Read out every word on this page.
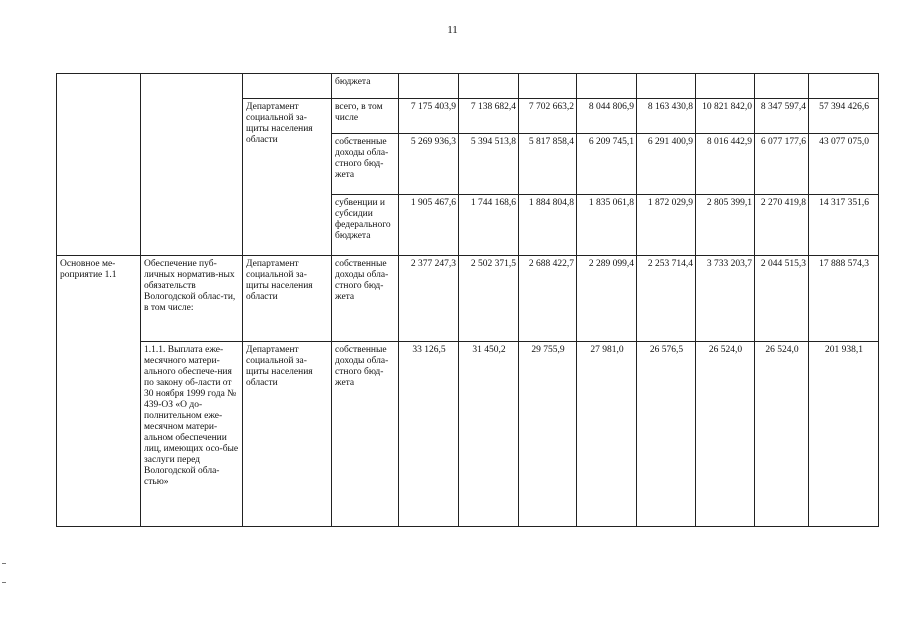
11
			бюджета								
		Департамент социальной за-щиты населения области	всего, в том числе	7 175 403,9	7 138 682,4	7 702 663,2	8 044 806,9	8 163 430,8	10 821 842,0	8 347 597,4	57 394 426,6
			собственные доходы обла-стного бюд-жета	5 269 936,3	5 394 513,8	5 817 858,4	6 209 745,1	6 291 400,9	8 016 442,9	6 077 177,6	43 077 075,0
			субвенции и субсидии федерального бюджета	1 905 467,6	1 744 168,6	1 884 804,8	1 835 061,8	1 872 029,9	2 805 399,1	2 270 419,8	14 317 351,6
Основное ме-роприятие 1.1	Обеспечение пуб-личных норматив-ных обязательств Вологодской облас-ти, в том числе:	Департамент социальной за-щиты населения области	собственные доходы обла-стного бюд-жета	2 377 247,3	2 502 371,5	2 688 422,7	2 289 099,4	2 253 714,4	3 733 203,7	2 044 515,3	17 888 574,3
	1.1.1. Выплата еже-месячного матери-ального обеспече-ния по закону об-ласти от 30 ноября 1999 года № 439-ОЗ «О до-полнительном еже-месячном матери-альном обеспечении лиц, имеющих осо-бые заслуги перед Вологодской обла-стью»	Департамент социальной за-щиты населения области	собственные доходы обла-стного бюд-жета	33 126,5	31 450,2	29 755,9	27 981,0	26 576,5	26 524,0	26 524,0	201 938,1
